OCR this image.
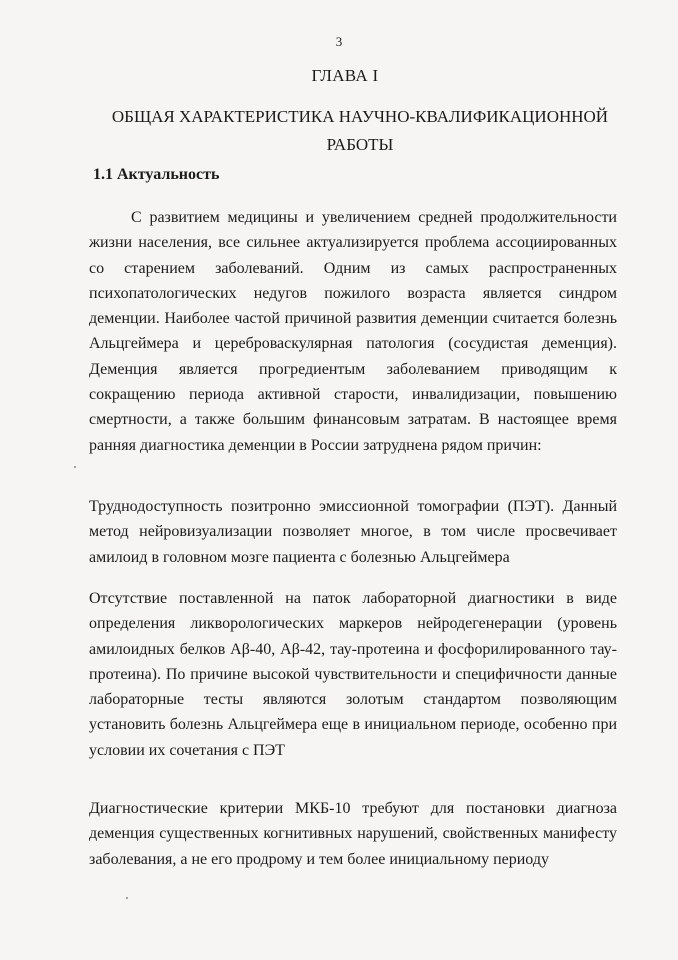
3
ГЛАВА I
ОБЩАЯ ХАРАКТЕРИСТИКА НАУЧНО-КВАЛИФИКАЦИОННОЙ РАБОТЫ
1.1 Актуальность

С развитием медицины и увеличением средней продолжительности жизни населения, все сильнее актуализируется проблема ассоциированных со старением заболеваний. Одним из самых распространенных психопатологических недугов пожилого возраста является синдром деменции. Наиболее частой причиной развития деменции считается болезнь Альцгеймера и цереброваскулярная патология (сосудистая деменция). Деменция является прогредиентым заболеванием приводящим к сокращению периода активной старости, инвалидизации, повышению смертности, а также большим финансовым затратам. В настоящее время ранняя диагностика деменции в России затруднена рядом причин:

Труднодоступность позитронно эмиссионной томографии (ПЭТ). Данный метод нейровизуализации позволяет многое, в том числе просвечивает амилоид в головном мозге пациента с болезнью Альцгеймера

Отсутствие поставленной на паток лабораторной диагностики в виде определения ликворологических маркеров нейродегенерации (уровень амилоидных белков Aβ-40, Aβ-42, тау-протеина и фосфорилированного тау-протеина). По причине высокой чувствительности и специфичности данные лабораторные тесты являются золотым стандартом позволяющим установить болезнь Альцгеймера еще в инициальном периоде, особенно при условии их сочетания с ПЭТ

Диагностические критерии МКБ-10 требуют для постановки диагноза деменция существенных когнитивных нарушений, свойственных манифесту заболевания, а не его продрому и тем более инициальному периоду
